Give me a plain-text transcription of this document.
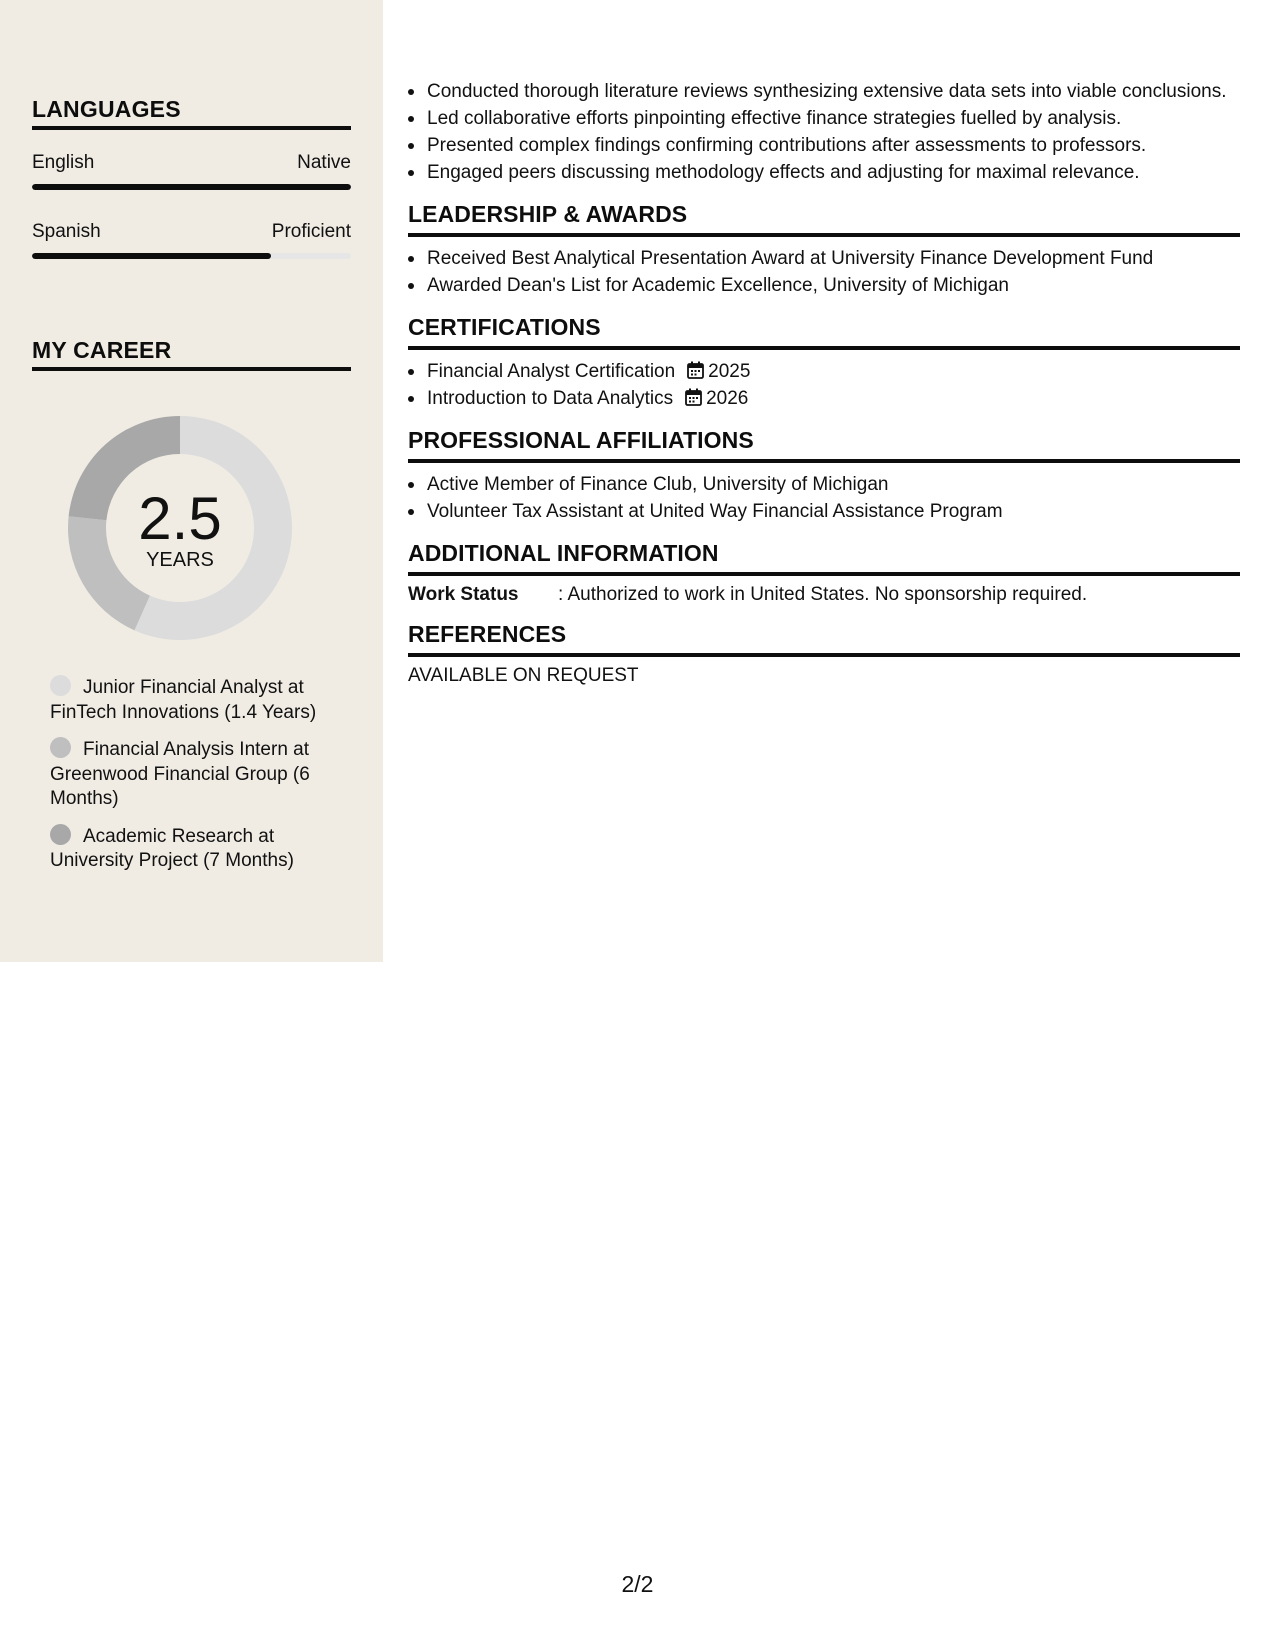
LANGUAGES
English	Native
Spanish	Proficient
MY CAREER
2.5
YEARS
Junior Financial Analyst at FinTech Innovations (1.4 Years)
Financial Analysis Intern at Greenwood Financial Group (6 Months)
Academic Research at University Project (7 Months)
Conducted thorough literature reviews synthesizing extensive data sets into viable conclusions.
Led collaborative efforts pinpointing effective finance strategies fuelled by analysis.
Presented complex findings confirming contributions after assessments to professors.
Engaged peers discussing methodology effects and adjusting for maximal relevance.
LEADERSHIP & AWARDS
Received Best Analytical Presentation Award at University Finance Development Fund
Awarded Dean's List for Academic Excellence, University of Michigan
CERTIFICATIONS
Financial Analyst Certification 2025
Introduction to Data Analytics 2026
PROFESSIONAL AFFILIATIONS
Active Member of Finance Club, University of Michigan
Volunteer Tax Assistant at United Way Financial Assistance Program
ADDITIONAL INFORMATION
Work Status	: Authorized to work in United States. No sponsorship required.
REFERENCES
AVAILABLE ON REQUEST
2/2
